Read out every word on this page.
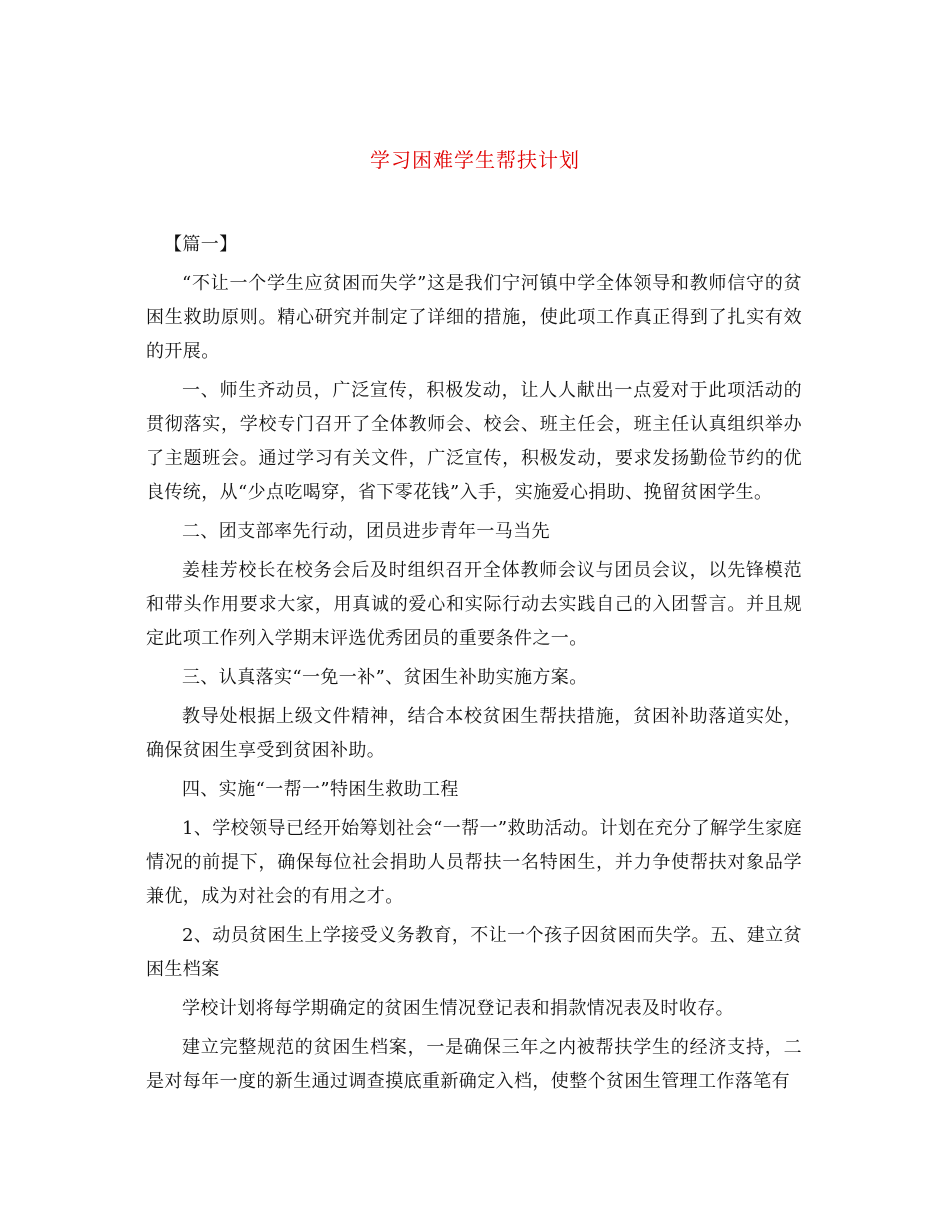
学习困难学生帮扶计划

【篇一】

“不让一个学生应贫困而失学”这是我们宁河镇中学全体领导和教师信守的贫困生救助原则。精心研究并制定了详细的措施，使此项工作真正得到了扎实有效的开展。

一、师生齐动员，广泛宣传，积极发动，让人人献出一点爱对于此项活动的贯彻落实，学校专门召开了全体教师会、校会、班主任会，班主任认真组织举办了主题班会。通过学习有关文件，广泛宣传，积极发动，要求发扬勤俭节约的优良传统，从“少点吃喝穿，省下零花钱”入手，实施爱心捐助、挽留贫困学生。

二、团支部率先行动，团员进步青年一马当先

姜桂芳校长在校务会后及时组织召开全体教师会议与团员会议，以先锋模范和带头作用要求大家，用真诚的爱心和实际行动去实践自己的入团誓言。并且规定此项工作列入学期末评选优秀团员的重要条件之一。

三、认真落实“一免一补”、贫困生补助实施方案。

教导处根据上级文件精神，结合本校贫困生帮扶措施，贫困补助落道实处，确保贫困生享受到贫困补助。

四、实施“一帮一”特困生救助工程

1、学校领导已经开始筹划社会“一帮一”救助活动。计划在充分了解学生家庭情况的前提下，确保每位社会捐助人员帮扶一名特困生，并力争使帮扶对象品学兼优，成为对社会的有用之才。

2、动员贫困生上学接受义务教育，不让一个孩子因贫困而失学。五、建立贫困生档案

学校计划将每学期确定的贫困生情况登记表和捐款情况表及时收存。

建立完整规范的贫困生档案，一是确保三年之内被帮扶学生的经济支持，二是对每年一度的新生通过调查摸底重新确定入档，使整个贫困生管理工作落笔有
